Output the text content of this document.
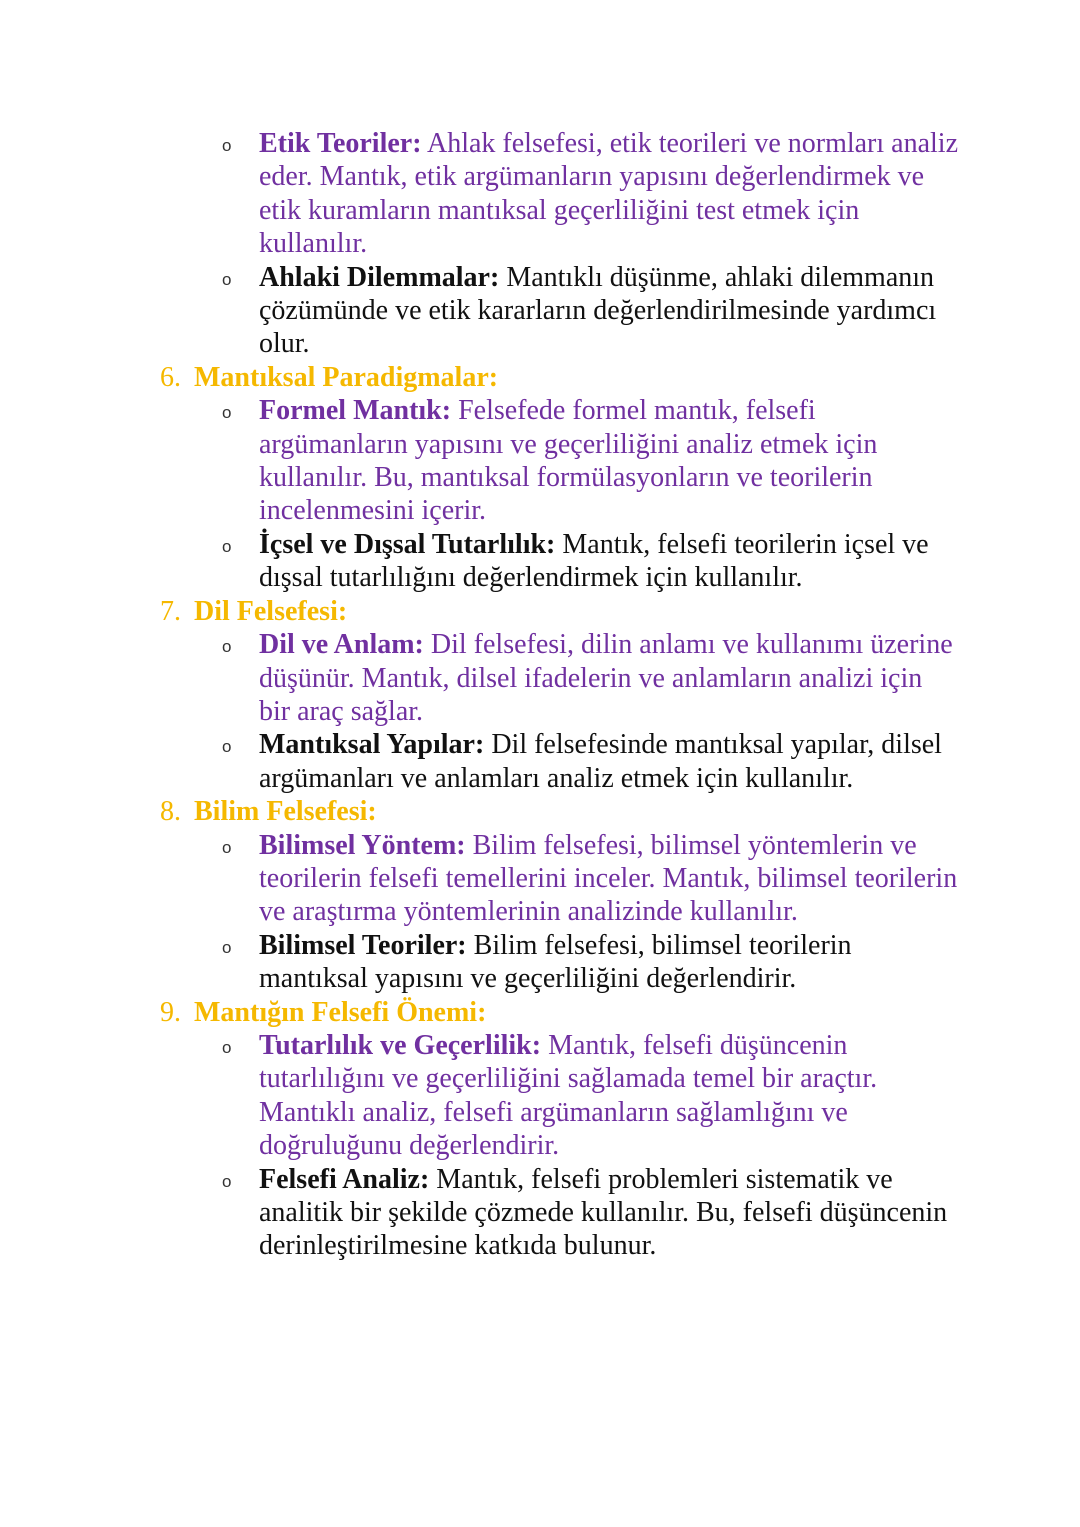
o Etik Teoriler: Ahlak felsefesi, etik teorileri ve normları analiz eder. Mantık, etik argümanların yapısını değerlendirmek ve etik kuramların mantıksal geçerliliğini test etmek için kullanılır.
o Ahlaki Dilemmalar: Mantıklı düşünme, ahlaki dilemmanın çözümünde ve etik kararların değerlendirilmesinde yardımcı olur.
6. Mantıksal Paradigmalar:
o Formel Mantık: Felsefede formel mantık, felsefi argümanların yapısını ve geçerliliğini analiz etmek için kullanılır. Bu, mantıksal formülasyonların ve teorilerin incelenmesini içerir.
o İçsel ve Dışsal Tutarlılık: Mantık, felsefi teorilerin içsel ve dışsal tutarlılığını değerlendirmek için kullanılır.
7. Dil Felsefesi:
o Dil ve Anlam: Dil felsefesi, dilin anlamı ve kullanımı üzerine düşünür. Mantık, dilsel ifadelerin ve anlamların analizi için bir araç sağlar.
o Mantıksal Yapılar: Dil felsefesinde mantıksal yapılar, dilsel argümanları ve anlamları analiz etmek için kullanılır.
8. Bilim Felsefesi:
o Bilimsel Yöntem: Bilim felsefesi, bilimsel yöntemlerin ve teorilerin felsefi temellerini inceler. Mantık, bilimsel teorilerin ve araştırma yöntemlerinin analizinde kullanılır.
o Bilimsel Teoriler: Bilim felsefesi, bilimsel teorilerin mantıksal yapısını ve geçerliliğini değerlendirir.
9. Mantığın Felsefi Önemi:
o Tutarlılık ve Geçerlilik: Mantık, felsefi düşüncenin tutarlılığını ve geçerliliğini sağlamada temel bir araçtır. Mantıklı analiz, felsefi argümanların sağlamlığını ve doğruluğunu değerlendirir.
o Felsefi Analiz: Mantık, felsefi problemleri sistematik ve analitik bir şekilde çözmede kullanılır. Bu, felsefi düşüncenin derinleştirilmesine katkıda bulunur.
